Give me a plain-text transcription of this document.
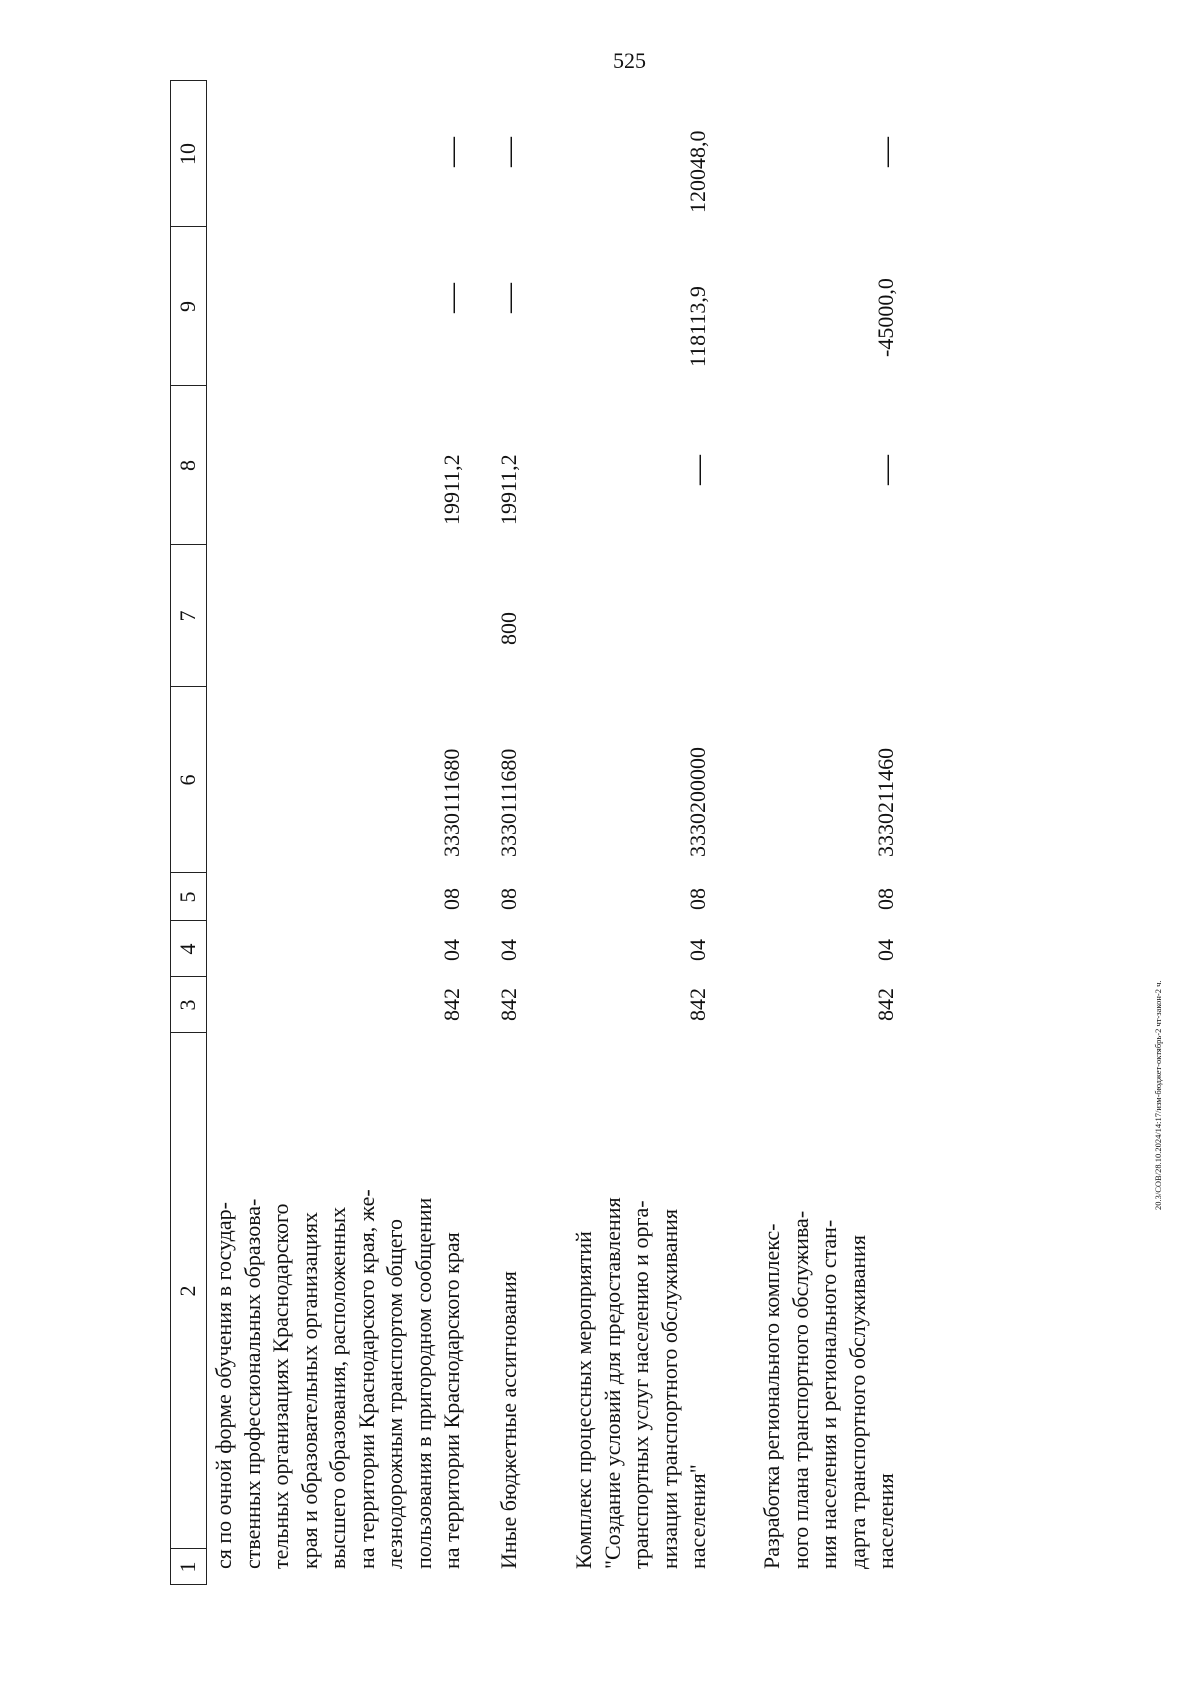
525
20.3/СОВ/28.10.2024/14:17/изм-бюджет-октябрь-2 чт-закон-2 ч.
1
2
3
4
5
6
7
8
9
10
ся по очной форме обучения в государ-
ственных профессиональных образова-
тельных организациях Краснодарского
края и образовательных организациях
высшего образования, расположенных
на территории Краснодарского края, же-
лезнодорожным транспортом общего
пользования в пригородном сообщении
на территории Краснодарского края
842
04
08
3330111680
19911,2
—
—
Иные бюджетные ассигнования
842
04
08
3330111680
800
19911,2
—
—
Комплекс процессных мероприятий
"Создание условий для предоставления
транспортных услуг населению и орга-
низации транспортного обслуживания
населения"
842
04
08
3330200000
—
118113,9
120048,0
Разработка регионального комплекс-
ного плана транспортного обслужива-
ния населения и регионального стан-
дарта транспортного обслуживания
населения
842
04
08
3330211460
—
-45000,0
—
